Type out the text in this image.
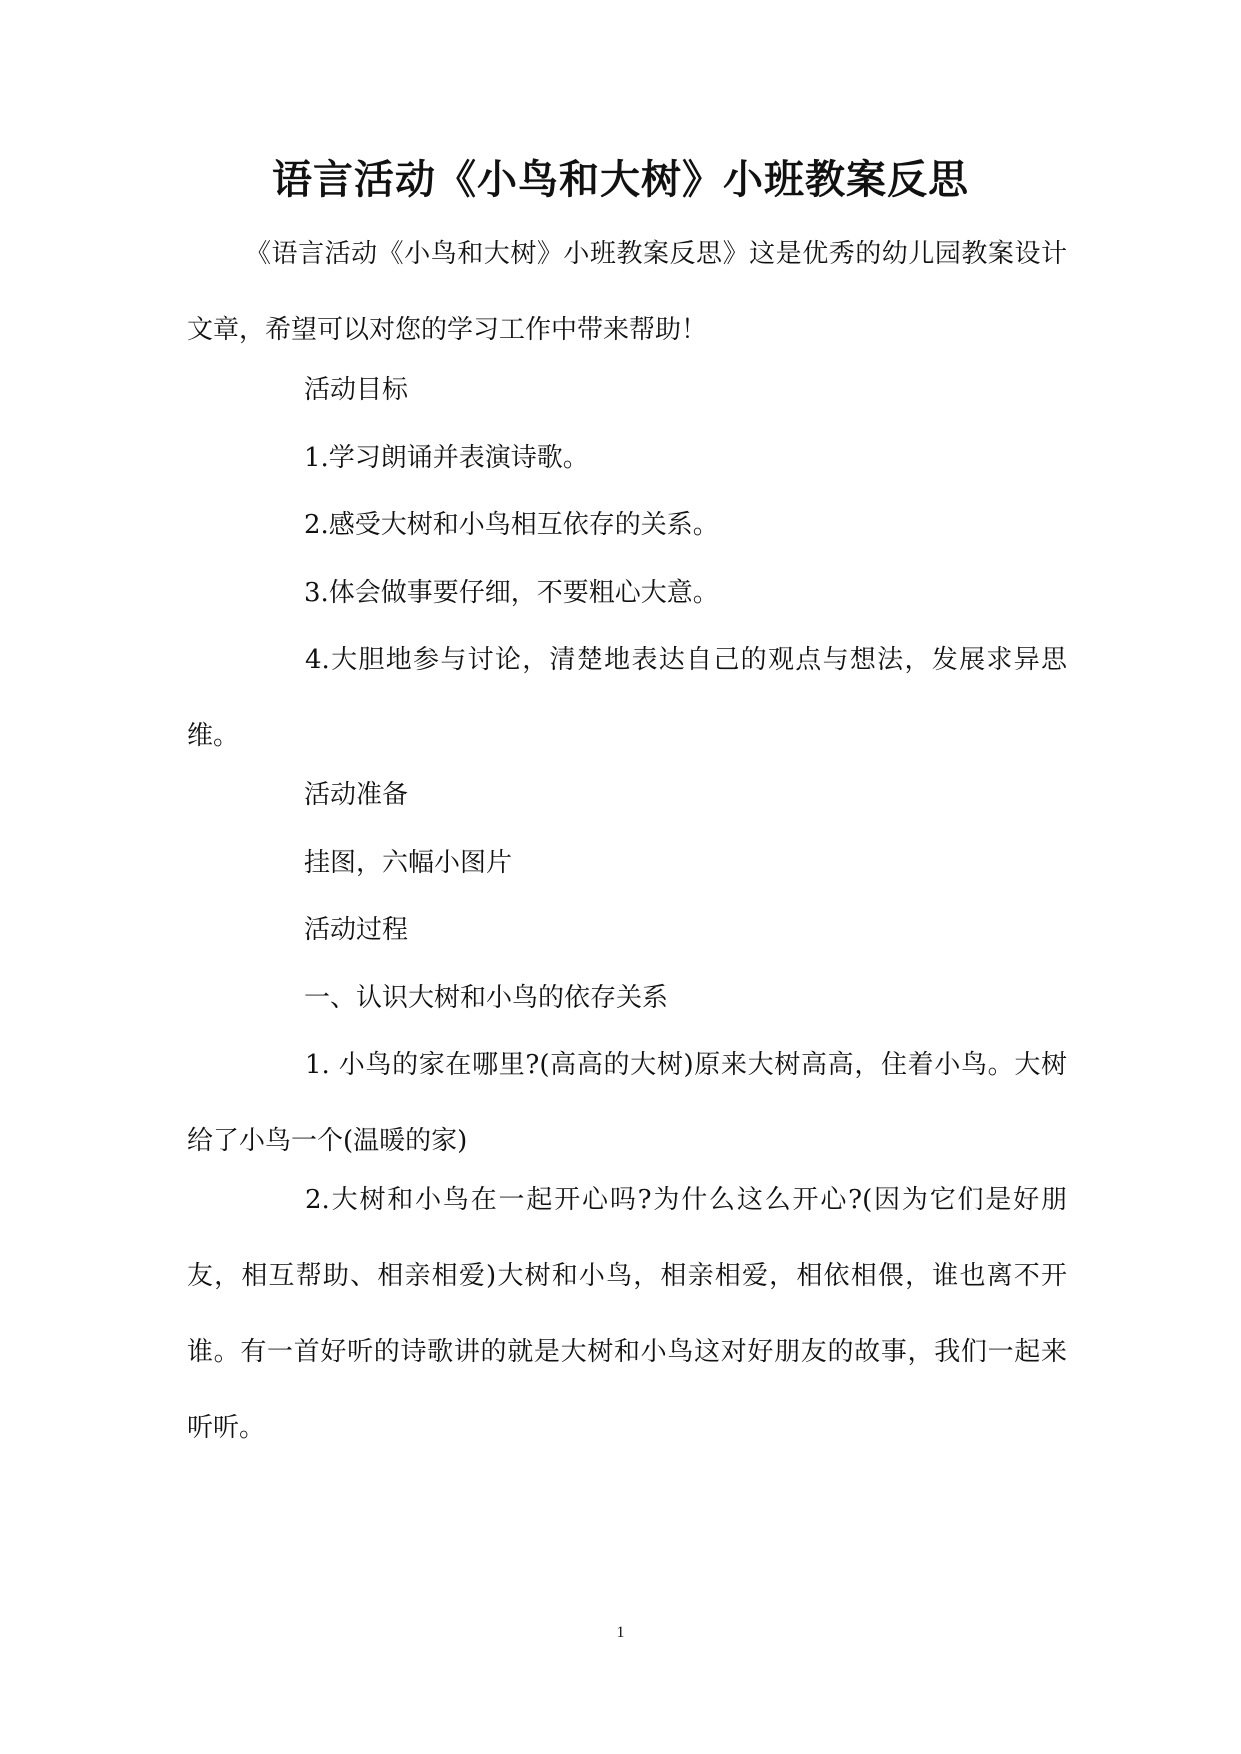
语言活动《小鸟和大树》小班教案反思

《语言活动《小鸟和大树》小班教案反思》这是优秀的幼儿园教案设计文章，希望可以对您的学习工作中带来帮助！

活动目标

1.学习朗诵并表演诗歌。

2.感受大树和小鸟相互依存的关系。

3.体会做事要仔细，不要粗心大意。

4.大胆地参与讨论，清楚地表达自己的观点与想法，发展求异思维。

活动准备

挂图，六幅小图片

活动过程

一、认识大树和小鸟的依存关系

1. 小鸟的家在哪里?(高高的大树)原来大树高高，住着小鸟。大树给了小鸟一个(温暖的家)

2.大树和小鸟在一起开心吗?为什么这么开心?(因为它们是好朋友，相互帮助、相亲相爱)大树和小鸟，相亲相爱，相依相偎，谁也离不开谁。有一首好听的诗歌讲的就是大树和小鸟这对好朋友的故事，我们一起来听听。

1
